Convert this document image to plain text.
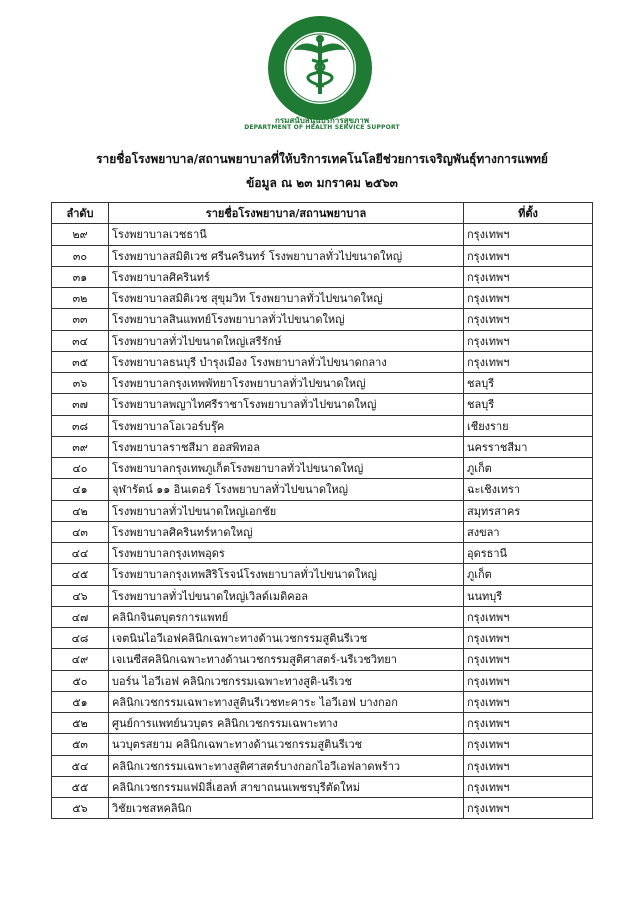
กรมสนับสนุนบริการสุขภาพ
DEPARTMENT OF HEALTH SERVICE SUPPORT
รายชื่อโรงพยาบาล/สถานพยาบาลที่ให้บริการเทคโนโลยีช่วยการเจริญพันธุ์ทางการแพทย์
ข้อมูล ณ ๒๓ มกราคม ๒๕๖๓
ลำดับ	รายชื่อโรงพยาบาล/สถานพยาบาล	ที่ตั้ง
๒๙	โรงพยาบาลเวชธานี	กรุงเทพฯ
๓๐	โรงพยาบาลสมิติเวช ศรีนครินทร์ โรงพยาบาลทั่วไปขนาดใหญ่	กรุงเทพฯ
๓๑	โรงพยาบาลศิครินทร์	กรุงเทพฯ
๓๒	โรงพยาบาลสมิติเวช สุขุมวิท โรงพยาบาลทั่วไปขนาดใหญ่	กรุงเทพฯ
๓๓	โรงพยาบาลสินแพทย์โรงพยาบาลทั่วไปขนาดใหญ่	กรุงเทพฯ
๓๔	โรงพยาบาลทั่วไปขนาดใหญ่เสรีรักษ์	กรุงเทพฯ
๓๕	โรงพยาบาลธนบุรี บำรุงเมือง โรงพยาบาลทั่วไปขนาดกลาง	กรุงเทพฯ
๓๖	โรงพยาบาลกรุงเทพพัทยาโรงพยาบาลทั่วไปขนาดใหญ่	ชลบุรี
๓๗	โรงพยาบาลพญาไทศรีราชาโรงพยาบาลทั่วไปขนาดใหญ่	ชลบุรี
๓๘	โรงพยาบาลโอเวอร์บรุ๊ค	เชียงราย
๓๙	โรงพยาบาลราชสีมา ฮอสพิทอล	นครราชสีมา
๔๐	โรงพยาบาลกรุงเทพภูเก็ตโรงพยาบาลทั่วไปขนาดใหญ่	ภูเก็ต
๔๑	จุฬารัตน์ ๑๑ อินเตอร์ โรงพยาบาลทั่วไปขนาดใหญ่	ฉะเชิงเทรา
๔๒	โรงพยาบาลทั่วไปขนาดใหญ่เอกชัย	สมุทรสาคร
๔๓	โรงพยาบาลศิครินทร์หาดใหญ่	สงขลา
๔๔	โรงพยาบาลกรุงเทพอุดร	อุดรธานี
๔๕	โรงพยาบาลกรุงเทพสิริโรจน์โรงพยาบาลทั่วไปขนาดใหญ่	ภูเก็ต
๔๖	โรงพยาบาลทั่วไปขนาดใหญ่เวิลด์เมดิคอล	นนทบุรี
๔๗	คลินิกจินตบุตรการแพทย์	กรุงเทพฯ
๔๘	เจตนินไอวีเอฟคลินิกเฉพาะทางด้านเวชกรรมสูตินรีเวช	กรุงเทพฯ
๔๙	เจเนซีสคลินิกเฉพาะทางด้านเวชกรรมสูติศาสตร์-นรีเวชวิทยา	กรุงเทพฯ
๕๐	บอร์น ไอวีเอฟ คลินิกเวชกรรมเฉพาะทางสูติ-นรีเวช	กรุงเทพฯ
๕๑	คลินิกเวชกรรมเฉพาะทางสูตินรีเวชทะคาระ ไอวีเอฟ บางกอก	กรุงเทพฯ
๕๒	ศูนย์การแพทย์นวบุตร คลินิกเวชกรรมเฉพาะทาง	กรุงเทพฯ
๕๓	นวบุตรสยาม คลินิกเฉพาะทางด้านเวชกรรมสูตินรีเวช	กรุงเทพฯ
๕๔	คลินิกเวชกรรมเฉพาะทางสูติศาสตร์บางกอกไอวีเอฟลาดพร้าว	กรุงเทพฯ
๕๕	คลินิกเวชกรรมแฟมิลี่เฮลท์ สาขาถนนเพชรบุรีตัดใหม่	กรุงเทพฯ
๕๖	วิชัยเวชสหคลินิก	กรุงเทพฯ
